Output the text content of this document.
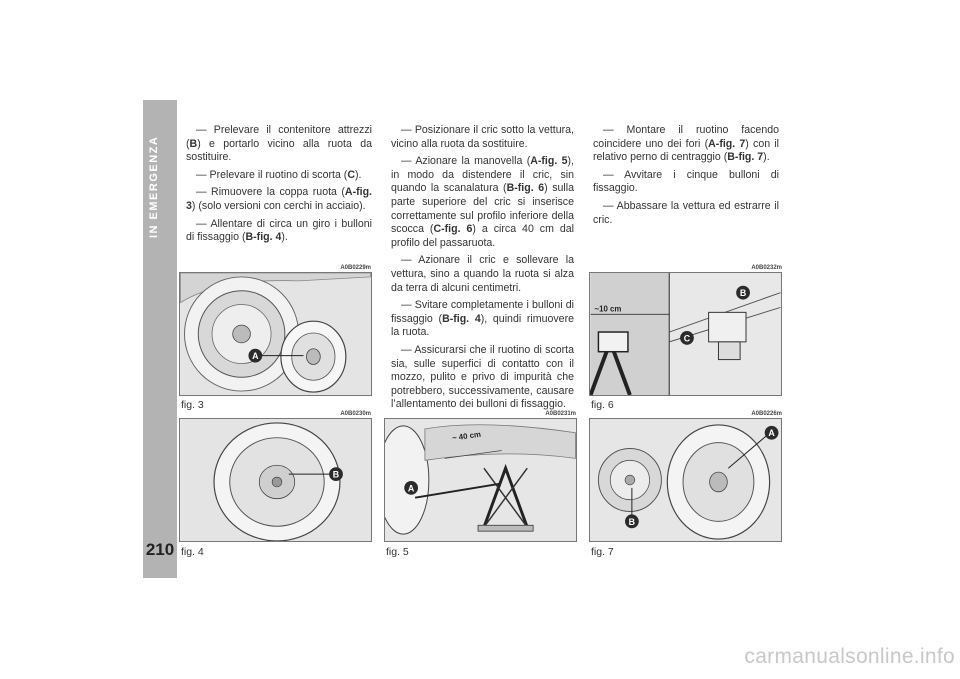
IN EMERGENZA
210

— Prelevare il contenitore attrezzi (B) e portarlo vicino alla ruota da sostituire.

— Prelevare il ruotino di scorta (C).

— Rimuovere la coppa ruota (A-fig. 3) (solo versioni con cerchi in acciaio).

— Allentare di circa un giro i bulloni di fissaggio (B-fig. 4).

— Posizionare il cric sotto la vettura, vicino alla ruota da sostituire.

— Azionare la manovella (A-fig. 5), in modo da distendere il cric, sin quando la scanalatura (B-fig. 6) sulla parte superiore del cric si inserisce correttamente sul profilo inferiore della scocca (C-fig. 6) a circa 40 cm dal profilo del passaruota.

— Azionare il cric e sollevare la vettura, sino a quando la ruota si alza da terra di alcuni centimetri.

— Svitare completamente i bulloni di fissaggio (B-fig. 4), quindi rimuovere la ruota.

— Assicurarsi che il ruotino di scorta sia, sulle superfici di contatto con il mozzo, pulito e privo di impurità che potrebbero, successivamente, causare l’allentamento dei bulloni di fissaggio.

— Montare il ruotino facendo coincidere uno dei fori (A-fig. 7) con il relativo perno di centraggio (B-fig. 7).

— Avvitare i cinque bulloni di fissaggio.

— Abbassare la vettura ed estrarre il cric.

A0B0229m
A
fig. 3
A0B0232m
~10 cm
B
C
fig. 6
A0B0230m
B
fig. 4
A0B0231m
~ 40 cm
A
fig. 5
A0B0226m
A
B
fig. 7
carmanualsonline.info
